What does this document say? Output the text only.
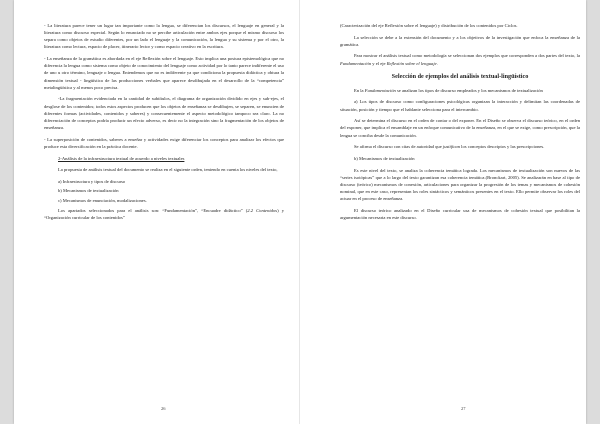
- La literatura parece tener un lugar tan importante como la lengua, se diferencian los discursos, el lenguaje en general y la literatura como discurso especial. Según lo enunciado no se percibe articulación entre ambos ejes porque el mismo discurso los separa como objetos de estudio diferentes, por un lado el lenguaje y la comunicación, la lengua y su sistema y por el otro, la literatura como lectura, espacio de placer, itinerario lector y como espacio creativo en la escritura.

- La enseñanza de la gramática es abordada en el eje Reflexión sobre el lenguaje. Esto implica una postura epistemológica que no diferencia la lengua como sistema como objeto de conocimiento del lenguaje como actividad por lo tanto parece indiferente el uso de uno u otro término, lenguaje o lengua. Entendemos que no es indiferente ya que condiciona la propuesta didáctica y obtura la dimensión textual - lingüística de las producciones verbales que aparece desdibujada en el desarrollo de la “competencia” metalingüística y al menos poco precisa.

-La fragmentación evidenciada en la cantidad de subtítulos, el diagrama de organización dividido en ejes y sub-ejes, el desglose de los contenidos; todos estos aspectos producen que los objetos de enseñanza se desdibujen, se separen, se enuncien de diferentes formas (actividades, contenidos y saberes) y consecuentemente el aspecto metodológico tampoco sea claro. La no diferenciación de conceptos podría producir un efecto adverso, es decir no la integración sino la fragmentación de los objetos de enseñanza.

- La superposición de contenidos, saberes a enseñar y actividades exige diferenciar los conceptos para analizar los efectos que produce esta diversificación en la práctica docente.

2-Análisis de la infraestructura textual de acuerdo a niveles textuales

La propuesta de análisis textual del documento se realiza en el siguiente orden, teniendo en cuenta los niveles del texto,

a) Infraestructura y tipos de discurso

b) Mecanismos de textualización

c) Mecanismos de enunciación, modalizaciones.

Los apartados seleccionados para el análisis son: “Fundamentación”, “Encuadre didáctico” (2.2 Contenidos) y “Organización curricular de los contenidos”

26

(Caracterización del eje Reflexión sobre el lenguaje) y distribución de los contenidos por Ciclos.

La selección se debe a la extensión del documento y a los objetivos de la investigación que enfoca la enseñanza de la gramática.

Para mostrar el análisis textual como metodología se seleccionan dos ejemplos que corresponden a dos partes del texto, la Fundamentación y el eje Reflexión sobre el lenguaje.

Selección de ejemplos del análisis textual-lingüístico

En la Fundamentación se analizan los tipos de discurso empleados y los mecanismos de textualización

a) Los tipos de discurso como configuraciones psicológicas organizan la interacción y delimitan las coordenadas de situación, posición y tiempo que el hablante selecciona para el intercambio.

Así se determina el discurso en el orden de contar o del exponer. En el Diseño se observa el discurso teórico, en el orden del exponer, que implica el ensamblaje en un enfoque comunicativo de la enseñanza, en el que se exige, como prescripción, que la lengua se conciba desde la comunicación.

Se afirma el discurso con citas de autoridad que justifican los conceptos descriptos y las prescripciones.

b) Mecanismos de textualización

Es este nivel del texto, se analiza la coherencia temática lograda. Los mecanismos de textualización son nuevos de las “series isotópicas” que a lo largo del texto garantizan esa coherencia temática.(Bronckart, 2005). Se analizarán en base al tipo de discurso (teórico) mecanismos de conexión, articulaciones para organizar la progresión de los temas y mecanismos de cohesión nominal, que en este caso, representan los roles sintácticos y semánticos presentes en el texto. Ello permite observar los roles del actuar en el proceso de enseñanza.

El discurso teórico analizado en el Diseño curricular usa de mecanismos de cohesión textual que posibilitan la argumentación necesaria en este discurso.

27
